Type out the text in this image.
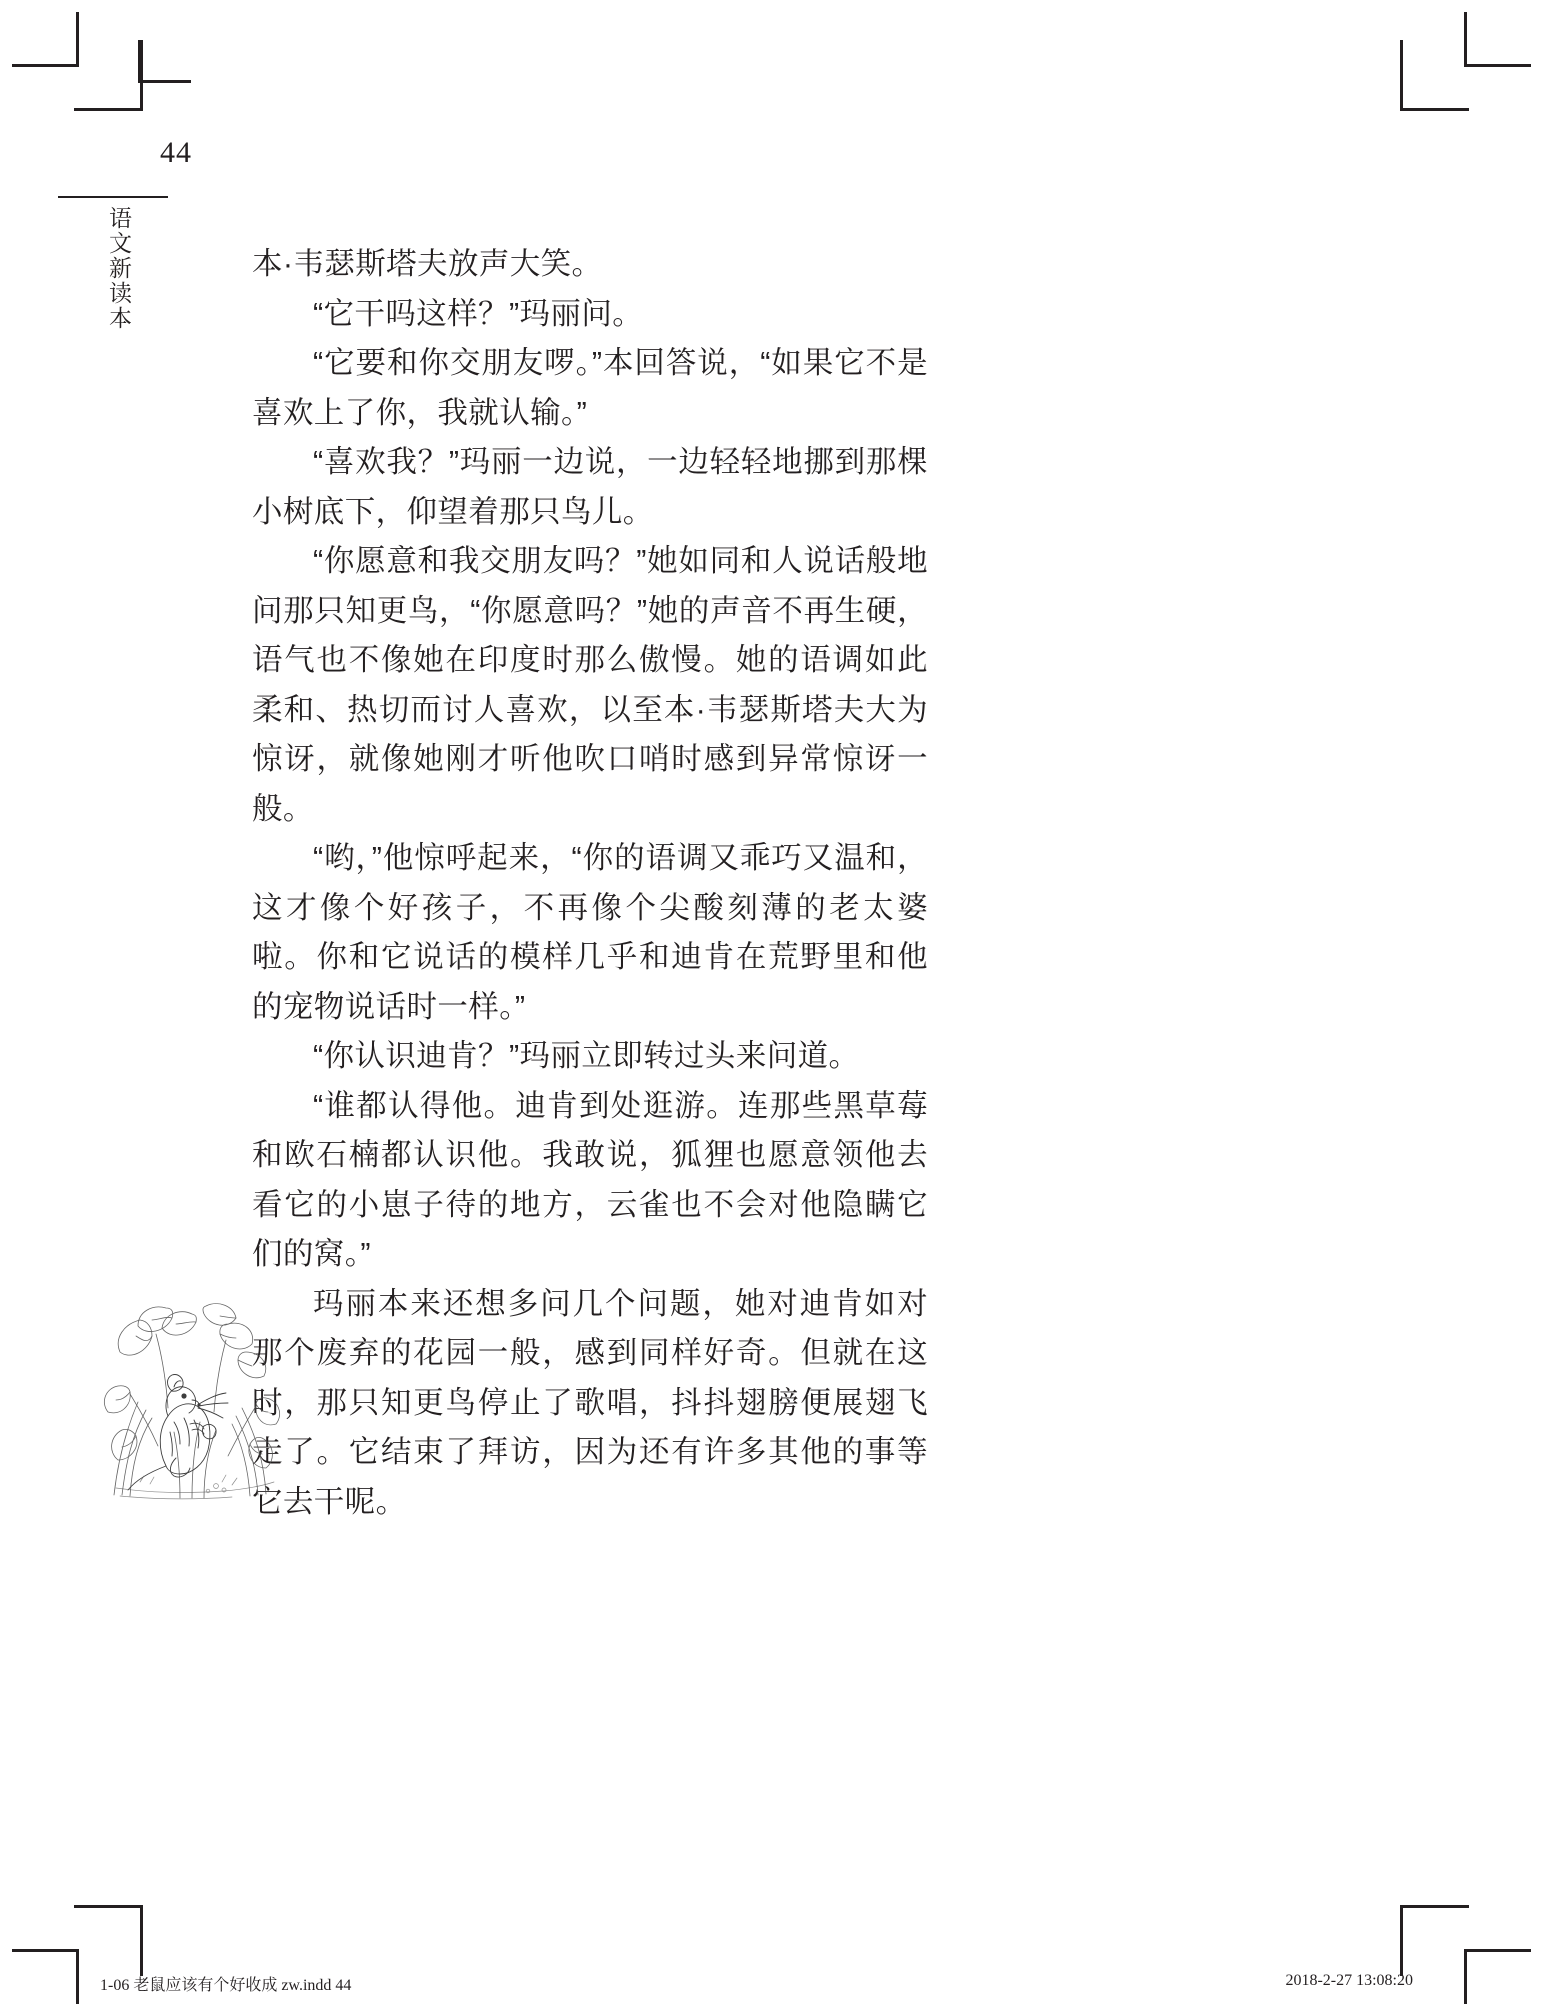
44
语文新读本	本·韦瑟斯塔夫放声大笑。

“它干吗这样？”玛丽问。

“它要和你交朋友啰。”本回答说，“如果它不是喜欢上了你，我就认输。”

“喜欢我？”玛丽一边说，一边轻轻地挪到那棵小树底下，仰望着那只鸟儿。

“你愿意和我交朋友吗？”她如同和人说话般地问那只知更鸟，“你愿意吗？”她的声音不再生硬，语气也不像她在印度时那么傲慢。她的语调如此柔和、热切而讨人喜欢，以至本·韦瑟斯塔夫大为惊讶，就像她刚才听他吹口哨时感到异常惊讶一般。

“哟，”他惊呼起来，“你的语调又乖巧又温和，这才像个好孩子，不再像个尖酸刻薄的老太婆啦。你和它说话的模样几乎和迪肯在荒野里和他的宠物说话时一样。”

“你认识迪肯？”玛丽立即转过头来问道。

“谁都认得他。迪肯到处逛游。连那些黑草莓和欧石楠都认识他。我敢说，狐狸也愿意领他去看它的小崽子待的地方，云雀也不会对他隐瞒它们的窝。”

玛丽本来还想多问几个问题，她对迪肯如对那个废弃的花园一般，感到同样好奇。但就在这时，那只知更鸟停止了歌唱，抖抖翅膀便展翅飞走了。它结束了拜访，因为还有许多其他的事等它去干呢。

1-06 老鼠应该有个好收成 zw.indd 44	2018-2-27 13:08:20
